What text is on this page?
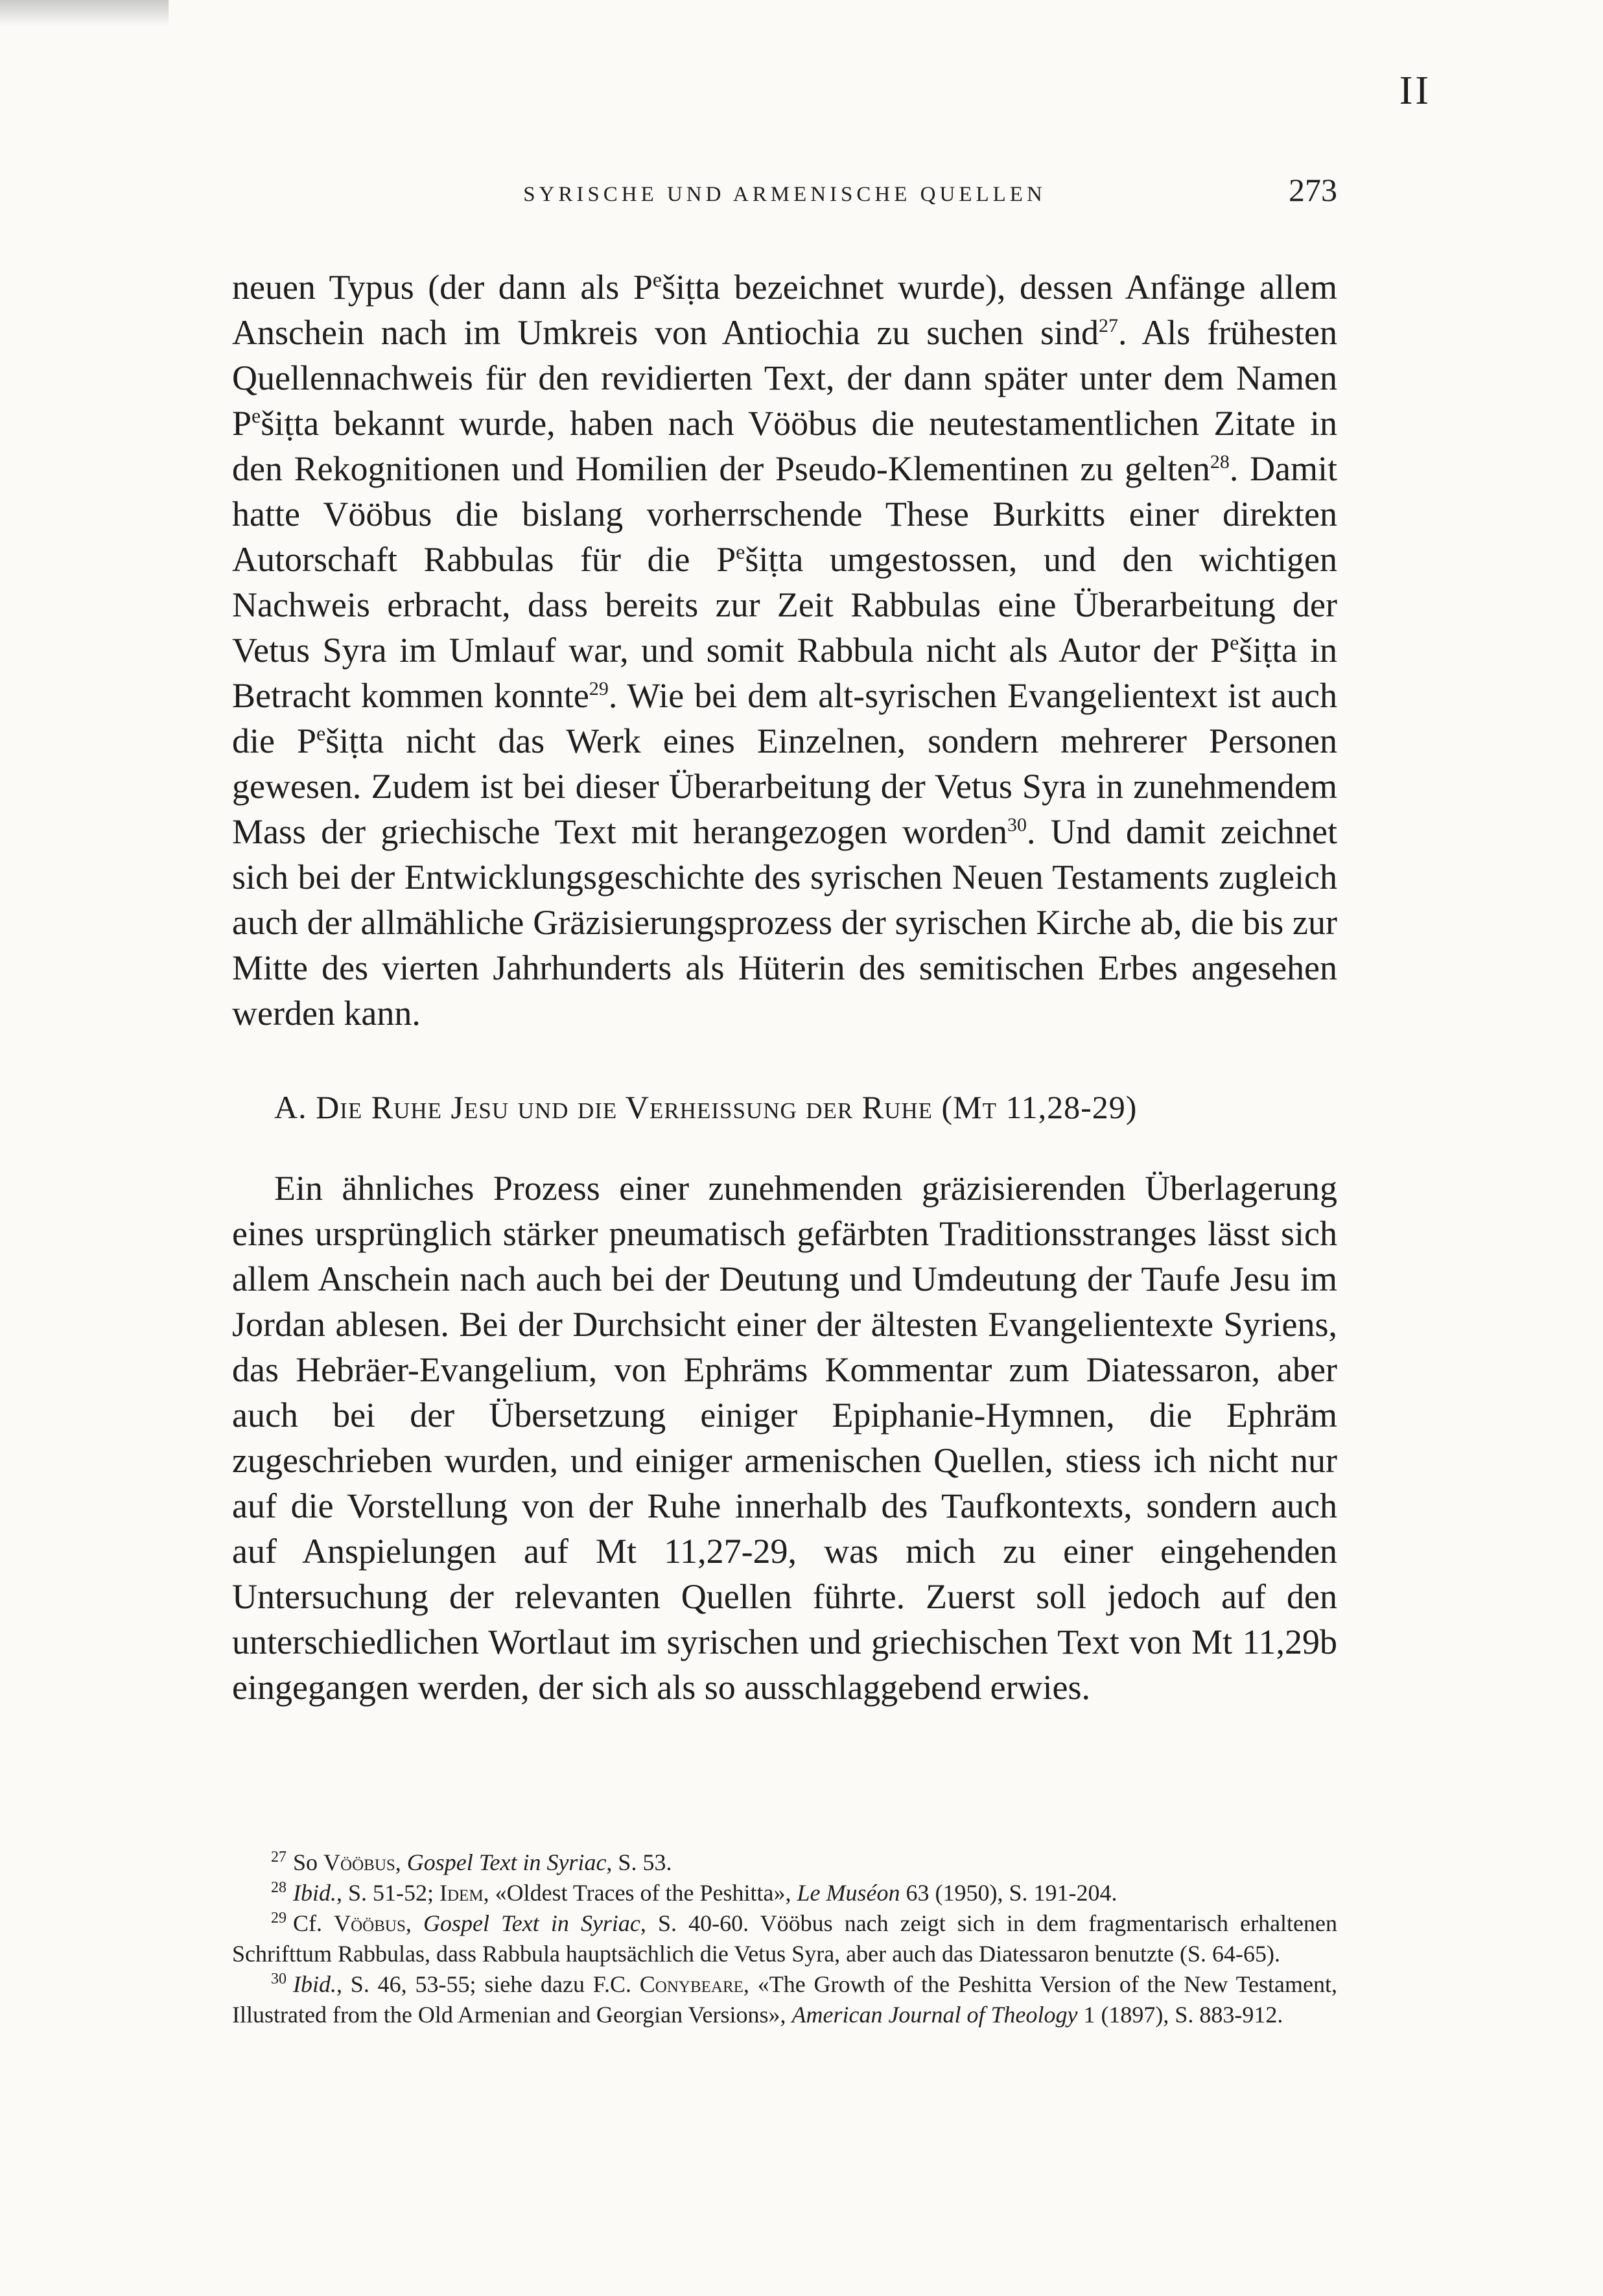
II
SYRISCHE UND ARMENISCHE QUELLEN	273

neuen Typus (der dann als $P^ešiṭta$ bezeichnet wurde), dessen Anfänge allem Anschein nach im Umkreis von Antiochia zu suchen sind$^{27}$. Als frühesten Quellennachweis für den revidierten Text, der dann später unter dem Namen $P^ešiṭta$ bekannt wurde, haben nach Vööbus die neutestamentlichen Zitate in den Rekognitionen und Homilien der Pseudo-Klementinen zu gelten$^{28}$. Damit hatte Vööbus die bislang vorherrschende These Burkitts einer direkten Autorschaft Rabbulas für die $P^ešiṭta$ umgestossen, und den wichtigen Nachweis erbracht, dass bereits zur Zeit Rabbulas eine Überarbeitung der Vetus Syra im Umlauf war, und somit Rabbula nicht als Autor der $P^ešiṭta$ in Betracht kommen konnte$^{29}$. Wie bei dem alt-syrischen Evangelientext ist auch die $P^ešiṭta$ nicht das Werk eines Einzelnen, sondern mehrerer Personen gewesen. Zudem ist bei dieser Überarbeitung der Vetus Syra in zunehmendem Mass der griechische Text mit herangezogen worden$^{30}$. Und damit zeichnet sich bei der Entwicklungsgeschichte des syrischen Neuen Testaments zugleich auch der allmähliche Gräzisierungsprozess der syrischen Kirche ab, die bis zur Mitte des vierten Jahrhunderts als Hüterin des semitischen Erbes angesehen werden kann.

A. Die Ruhe Jesu und die Verheissung der Ruhe (Mt 11,28-29)

Ein ähnliches Prozess einer zunehmenden gräzisierenden Überlagerung eines ursprünglich stärker pneumatisch gefärbten Traditionsstranges lässt sich allem Anschein nach auch bei der Deutung und Umdeutung der Taufe Jesu im Jordan ablesen. Bei der Durchsicht einer der ältesten Evangelientexte Syriens, das Hebräer-Evangelium, von Ephräms Kommentar zum Diatessaron, aber auch bei der Übersetzung einiger Epiphanie-Hymnen, die Ephräm zugeschrieben wurden, und einiger armenischen Quellen, stiess ich nicht nur auf die Vorstellung von der Ruhe innerhalb des Taufkontexts, sondern auch auf Anspielungen auf Mt 11,27-29, was mich zu einer eingehenden Untersuchung der relevanten Quellen führte. Zuerst soll jedoch auf den unterschiedlichen Wortlaut im syrischen und griechischen Text von Mt 11,29b eingegangen werden, der sich als so ausschlaggebend erwies.

$^{27}$ So Vööbus, Gospel Text in Syriac, S. 53.

$^{28}$ Ibid., S. 51-52; Idem, «Oldest Traces of the Peshitta», Le Muséon 63 (1950), S. 191-204.

$^{29}$ Cf. Vööbus, Gospel Text in Syriac, S. 40-60. Vööbus nach zeigt sich in dem fragmentarisch erhaltenen Schrifttum Rabbulas, dass Rabbula hauptsächlich die Vetus Syra, aber auch das Diatessaron benutzte (S. 64-65).

$^{30}$ Ibid., S. 46, 53-55; siehe dazu F.C. Conybeare, «The Growth of the Peshitta Version of the New Testament, Illustrated from the Old Armenian and Georgian Versions», American Journal of Theology 1 (1897), S. 883-912.
